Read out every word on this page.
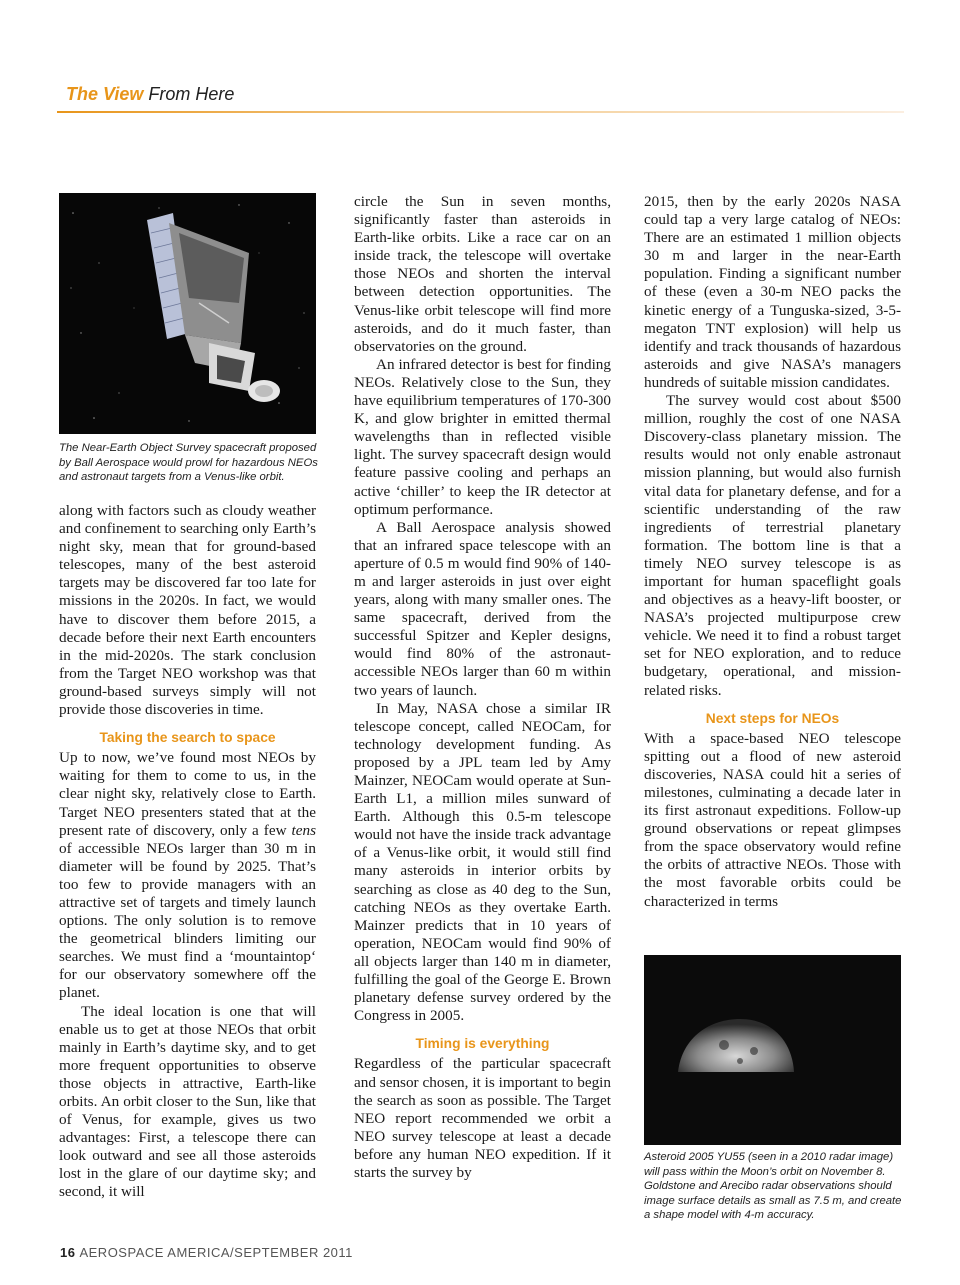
The View From Here
The Near-Earth Object Survey spacecraft proposed by Ball Aerospace would prowl for hazardous NEOs and astronaut targets from a Venus-like orbit.

along with factors such as cloudy weather and confinement to searching only Earth’s night sky, mean that for ground-based telescopes, many of the best asteroid targets may be discovered far too late for missions in the 2020s. In fact, we would have to discover them before 2015, a decade before their next Earth encounters in the mid-2020s. The stark conclusion from the Target NEO workshop was that ground-based surveys simply will not provide those discoveries in time.

Taking the search to space

Up to now, we’ve found most NEOs by waiting for them to come to us, in the clear night sky, relatively close to Earth. Target NEO presenters stated that at the present rate of discovery, only a few tens of accessible NEOs larger than 30 m in diameter will be found by 2025. That’s too few to provide managers with an attractive set of targets and timely launch options. The only solution is to remove the geometrical blinders limiting our searches. We must find a ‘mountaintop‘ for our observatory somewhere off the planet.

The ideal location is one that will enable us to get at those NEOs that orbit mainly in Earth’s daytime sky, and to get more frequent opportunities to observe those objects in attractive, Earth-like orbits. An orbit closer to the Sun, like that of Venus, for example, gives us two advantages: First, a telescope there can look outward and see all those asteroids lost in the glare of our daytime sky; and second, it will

circle the Sun in seven months, significantly faster than asteroids in Earth-like orbits. Like a race car on an inside track, the telescope will overtake those NEOs and shorten the interval between detection opportunities. The Venus-like orbit telescope will find more asteroids, and do it much faster, than observatories on the ground.

An infrared detector is best for finding NEOs. Relatively close to the Sun, they have equilibrium temperatures of 170-300 K, and glow brighter in emitted thermal wavelengths than in reflected visible light. The survey spacecraft design would feature passive cooling and perhaps an active ‘chiller’ to keep the IR detector at optimum performance.

A Ball Aerospace analysis showed that an infrared space telescope with an aperture of 0.5 m would find 90% of 140-m and larger asteroids in just over eight years, along with many smaller ones. The same spacecraft, derived from the successful Spitzer and Kepler designs, would find 80% of the astronaut-accessible NEOs larger than 60 m within two years of launch.

In May, NASA chose a similar IR telescope concept, called NEOCam, for technology development funding. As proposed by a JPL team led by Amy Mainzer, NEOCam would operate at Sun-Earth L1, a million miles sunward of Earth. Although this 0.5-m telescope would not have the inside track advantage of a Venus-like orbit, it would still find many asteroids in interior orbits by searching as close as 40 deg to the Sun, catching NEOs as they overtake Earth. Mainzer predicts that in 10 years of operation, NEOCam would find 90% of all objects larger than 140 m in diameter, fulfilling the goal of the George E. Brown planetary defense survey ordered by the Congress in 2005.

Timing is everything

Regardless of the particular spacecraft and sensor chosen, it is important to begin the search as soon as possible. The Target NEO report recommended we orbit a NEO survey telescope at least a decade before any human NEO expedition. If it starts the survey by

2015, then by the early 2020s NASA could tap a very large catalog of NEOs: There are an estimated 1 million objects 30 m and larger in the near-Earth population. Finding a significant number of these (even a 30-m NEO packs the kinetic energy of a Tunguska-sized, 3-5-megaton TNT explosion) will help us identify and track thousands of hazardous asteroids and give NASA’s managers hundreds of suitable mission candidates.

The survey would cost about $500 million, roughly the cost of one NASA Discovery-class planetary mission. The results would not only enable astronaut mission planning, but would also furnish vital data for planetary defense, and for a scientific understanding of the raw ingredients of terrestrial planetary formation. The bottom line is that a timely NEO survey telescope is as important for human spaceflight goals and objectives as a heavy-lift booster, or NASA’s projected multipurpose crew vehicle. We need it to find a robust target set for NEO exploration, and to reduce budgetary, operational, and mission-related risks.

Next steps for NEOs

With a space-based NEO telescope spitting out a flood of new asteroid discoveries, NASA could hit a series of milestones, culminating a decade later in its first astronaut expeditions. Follow-up ground observations or repeat glimpses from the space observatory would refine the orbits of attractive NEOs. Those with the most favorable orbits could be characterized in terms

Asteroid 2005 YU55 (seen in a 2010 radar image) will pass within the Moon’s orbit on November 8. Goldstone and Arecibo radar observations should image surface details as small as 7.5 m, and create a shape model with 4-m accuracy.
16 AEROSPACE AMERICA/SEPTEMBER 2011
